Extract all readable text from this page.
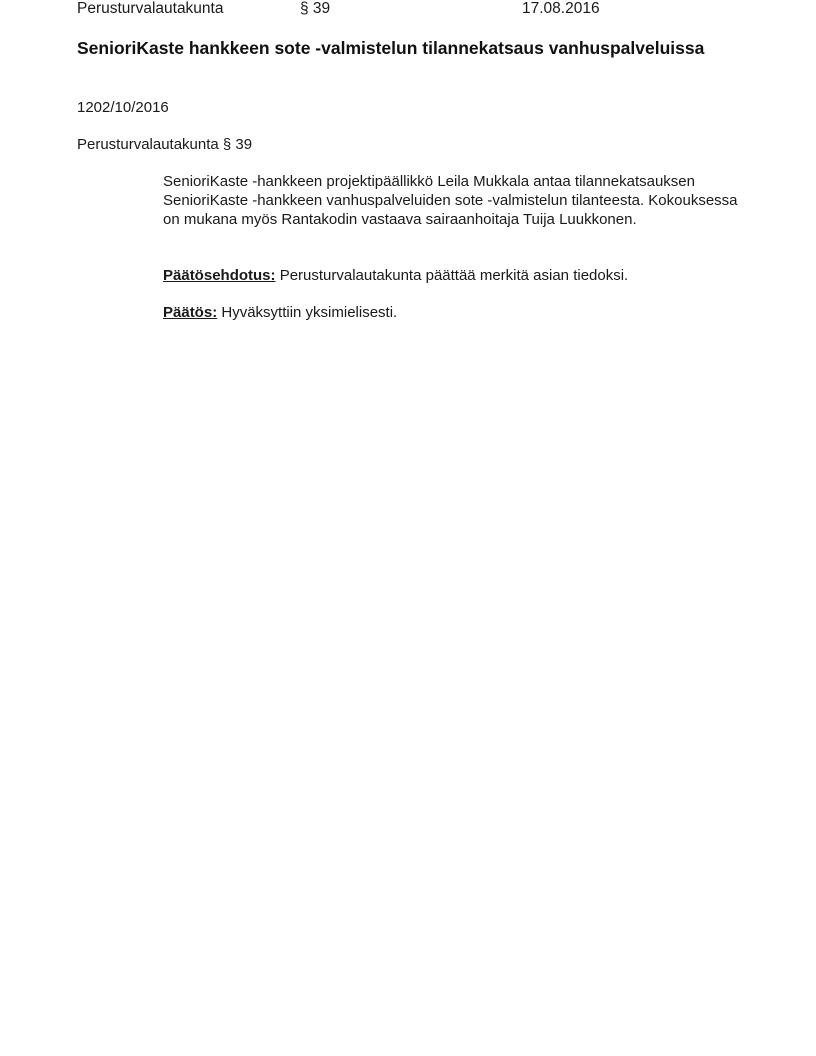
Perusturvalautakunta	§ 39	17.08.2016
SenioriKaste hankkeen sote -valmistelun tilannekatsaus vanhuspalveluissa
1202/10/2016
Perusturvalautakunta § 39

SenioriKaste -hankkeen projektipäällikkö Leila Mukkala antaa tilannekatsauksen SenioriKaste -hankkeen vanhuspalveluiden sote -valmistelun tilanteesta. Kokouksessa on mukana myös Rantakodin vastaava sairaanhoitaja Tuija Luukkonen.

Päätösehdotus: Perusturvalautakunta päättää merkitä asian tiedoksi.

Päätös: Hyväksyttiin yksimielisesti.
